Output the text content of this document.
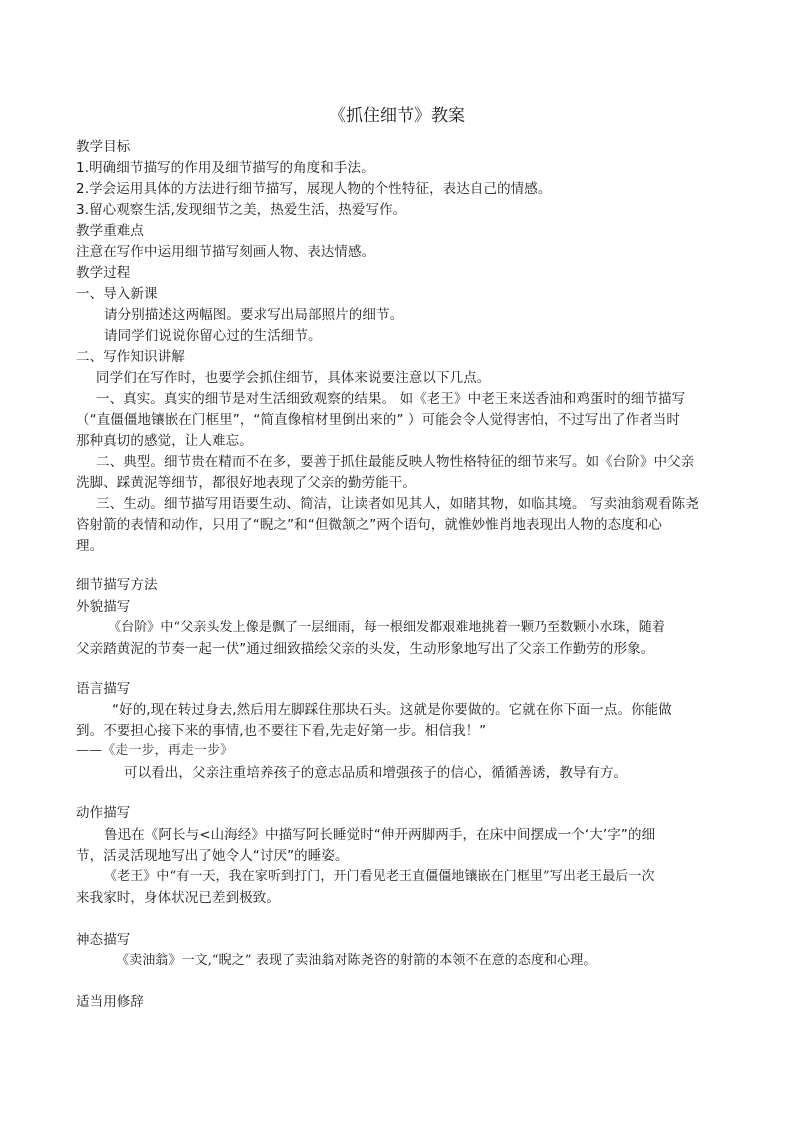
《抓住细节》教案
教学目标
1.明确细节描写的作用及细节描写的角度和手法。
2.学会运用具体的方法进行细节描写，展现人物的个性特征，表达自己的情感。
3.留心观察生活,发现细节之美，热爱生活，热爱写作。
教学重难点
注意在写作中运用细节描写刻画人物、表达情感。
教学过程
一、导入新课
请分别描述这两幅图。要求写出局部照片的细节。
请同学们说说你留心过的生活细节。
二、写作知识讲解
同学们在写作时，也要学会抓住细节，具体来说要注意以下几点。
一、真实。真实的细节是对生活细致观察的结果。 如《老王》中老王来送香油和鸡蛋时的细节描写
（“直僵僵地镶嵌在门框里”，“简直像棺材里倒出来的” ）可能会令人觉得害怕，不过写出了作者当时
那种真切的感觉，让人难忘。
二、典型。细节贵在精而不在多，要善于抓住最能反映人物性格特征的细节来写。如《台阶》中父亲
洗脚、踩黄泥等细节，都很好地表现了父亲的勤劳能干。
三、生动。细节描写用语要生动、简洁，让读者如见其人，如睹其物，如临其境。 写卖油翁观看陈尧
咨射箭的表情和动作，只用了“睨之”和“但微颔之”两个语句，就惟妙惟肖地表现出人物的态度和心
理。
细节描写方法
外貌描写
《台阶》中“父亲头发上像是飘了一层细雨，每一根细发都艰难地挑着一颗乃至数颗小水珠，随着
父亲踏黄泥的节奏一起一伏”通过细致描绘父亲的头发，生动形象地写出了父亲工作勤劳的形象。
语言描写
“好的,现在转过身去,然后用左脚踩住那块石头。这就是你要做的。它就在你下面一点。你能做
到。不要担心接下来的事情,也不要往下看,先走好第一步。相信我！”
——《走一步，再走一步》
可以看出，父亲注重培养孩子的意志品质和增强孩子的信心，循循善诱，教导有方。
动作描写
鲁迅在《阿长与<山海经》中描写阿长睡觉时“伸开两脚两手，在床中间摆成一个‘大’字”的细
节，活灵活现地写出了她令人“讨厌”的睡姿。
《老王》中“有一天，我在家听到打门，开门看见老王直僵僵地镶嵌在门框里”写出老王最后一次
来我家时，身体状况已差到极致。
神态描写
《卖油翁》一文,“睨之” 表现了卖油翁对陈尧咨的射箭的本领不在意的态度和心理。
适当用修辞
